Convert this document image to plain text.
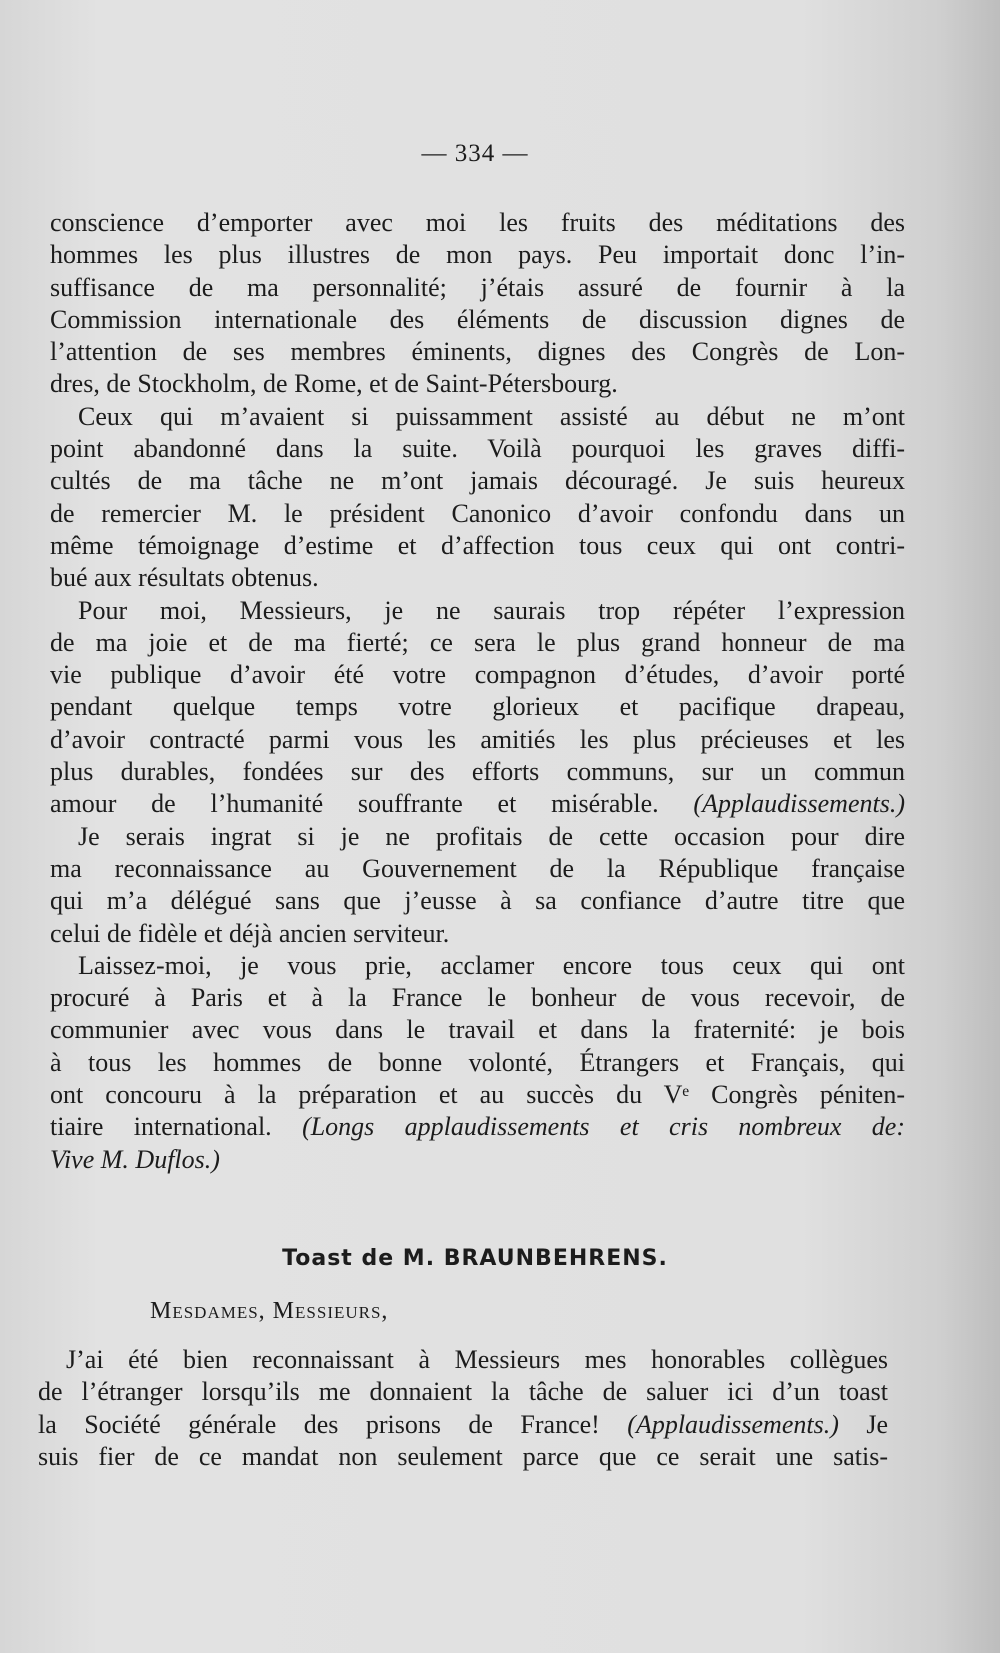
— 334 —
conscience d’emporter avec moi les fruits des méditations des
hommes les plus illustres de mon pays. Peu importait donc l’in-
suffisance de ma personnalité; j’étais assuré de fournir à la
Commission internationale des éléments de discussion dignes de
l’attention de ses membres éminents, dignes des Congrès de Lon-
dres, de Stockholm, de Rome, et de Saint-Pétersbourg.
Ceux qui m’avaient si puissamment assisté au début ne m’ont
point abandonné dans la suite. Voilà pourquoi les graves diffi-
cultés de ma tâche ne m’ont jamais découragé. Je suis heureux
de remercier M. le président Canonico d’avoir confondu dans un
même témoignage d’estime et d’affection tous ceux qui ont contri-
bué aux résultats obtenus.
Pour moi, Messieurs, je ne saurais trop répéter l’expression
de ma joie et de ma fierté; ce sera le plus grand honneur de ma
vie publique d’avoir été votre compagnon d’études, d’avoir porté
pendant quelque temps votre glorieux et pacifique drapeau,
d’avoir contracté parmi vous les amitiés les plus précieuses et les
plus durables, fondées sur des efforts communs, sur un commun
amour de l’humanité souffrante et misérable. (Applaudissements.)
Je serais ingrat si je ne profitais de cette occasion pour dire
ma reconnaissance au Gouvernement de la République française
qui m’a délégué sans que j’eusse à sa confiance d’autre titre que
celui de fidèle et déjà ancien serviteur.
Laissez-moi, je vous prie, acclamer encore tous ceux qui ont
procuré à Paris et à la France le bonheur de vous recevoir, de
communier avec vous dans le travail et dans la fraternité: je bois
à tous les hommes de bonne volonté, Étrangers et Français, qui
ont concouru à la préparation et au succès du Vᵉ Congrès péniten-
tiaire international. (Longs applaudissements et cris nombreux de:
Vive M. Duflos.)
Toast de M. BRAUNBEHRENS.
Mesdames, Messieurs,
J’ai été bien reconnaissant à Messieurs mes honorables collègues
de l’étranger lorsqu’ils me donnaient la tâche de saluer ici d’un toast
la Société générale des prisons de France! (Applaudissements.) Je
suis fier de ce mandat non seulement parce que ce serait une satis-
